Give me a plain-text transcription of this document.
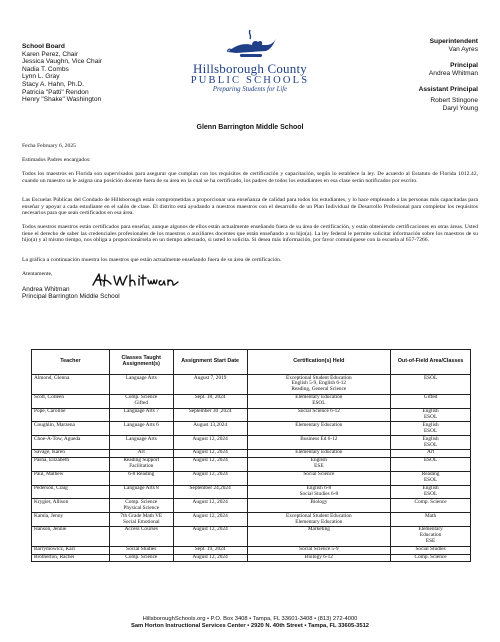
School Board
Karen Perez, Chair
Jessica Vaughn, Vice Chair
Nadia T. Combs
Lynn L. Gray
Stacy A. Hahn, Ph.D.
Patricia "Patti" Rendon
Henry "Shake" Washington
Hillsborough County
PUBLIC SCHOOLS
Preparing Students for Life
Superintendent
Van Ayres
Principal
Andrea Whitman
Assistant Principal
Robert Stingone
Daryl Young
Glenn Barrington Middle School
Fecha February 6, 2025
Estimados Padres encargados:
Todos los maestros en Florida son supervisados para asegurar que cumplan con los requisitos de certificación y capacitación, según lo establece la ley. De acuerdo al Estatuto de Florida 1012.42, cuando un maestro se le asigna una posición docente fuera de su área en la cual se ha certificado, los padres de todos los estudiantes en esa clase serán notificados por escrito.
Las Escuelas Públicas del Condado de Hillsborough están comprometidas a proporcionar una enseñanza de calidad para todos los estudiantes, y lo hace empleando a las personas más capacitadas para enseñar y apoyar a cada estudiante en el salón de clase. El distrito está ayudando a nuestros maestros con el desarrollo de un Plan Individual de Desarrollo Profesional para completar los requisitos necesarios para que sean certificados en esa área.
Todos nuestros maestros están certificados para enseñar, aunque algunos de ellos están actualmente enseñando fuera de su área de certificación, y están obteniendo certificaciones en otras áreas. Usted tiene el derecho de saber las credenciales profesionales de los maestros o auxiliares docentes que están enseñando a su hijo(a). La ley federal le permite solicitar información sobre los maestros de su hijo(a) y al mismo tiempo, nos obliga a proporcionársela en un tiempo adecuado, si usted lo solicita. Si desea más información, por favor comuníquese con la escuela al 657-7266.
La gráfica a continuación muestra los maestros que están actualmente enseñando fuera de su área de certificación.
Atentamente,
Andrea Whitman
Principal Barrington Middle School
Teacher	Classes Taught Assignment(s)	Assignment Start Date	Certification(s) Held	Out-of-Field Area/Classes
Almond, Glenna	Language Arts	August 7, 2019	Exceptional Student Education
English 5-9, English 6-12
Reading, General Science	ESOL
Scott, Colleen	Comp. Science
Gifted	Sept. 18, 2024	Elementary Education
ESOL	Gifted
Pope, Caroline	Language Arts 7	September 30 ,2024	Social Science 6-12	English
ESOL
Coughlin, Marzena	Language Arts 6	August 13,2024	Elementary Education	English
ESOL
Choe-A-Tow, Agueda	Language Arts	August 12, 2024	Business Ed 6-12	English
ESOL
Savage, Karen	Art	August 12, 2024	Elementary Education	Art
Pasha, Elizabeth	Reading Support
Facilitation	August 12, 2024	English
ESE	ESOL
Paul, Mathew	6-8 Reading	August 12, 2024	Social Science	Reading
ESOL
Pederson, Craig	Language Arts 8	September 24,2024	English 6-8
Social Studies 6-8	English
ESOL
Krygier, Allison	Comp. Science
Physical Science	August 12, 2024	Biology	Comp. Science
Kamla, Jenny	7th Grade Math VE
Social Emotional	August 12, 2024	Exceptional Student Education
Elementary Education	Math
Hanson, Jennie	Access Courses	August 12, 2024	Marketing	Elementary
Education
ESE
Barrymowicz, Karl	Social Studies	Sept. 19, 2024	Social Science 5-9	Social Studies
Brotherton, Rachel	Comp. Science	August 12, 2024	Biology 6-12	Comp. Science
HillsboroughSchools.org • P.O. Box 3408 • Tampa, FL 33601-3408 • (813) 272-4000
Sam Horton Instructional Services Center • 2920 N. 40th Street • Tampa, FL 33605-3512
